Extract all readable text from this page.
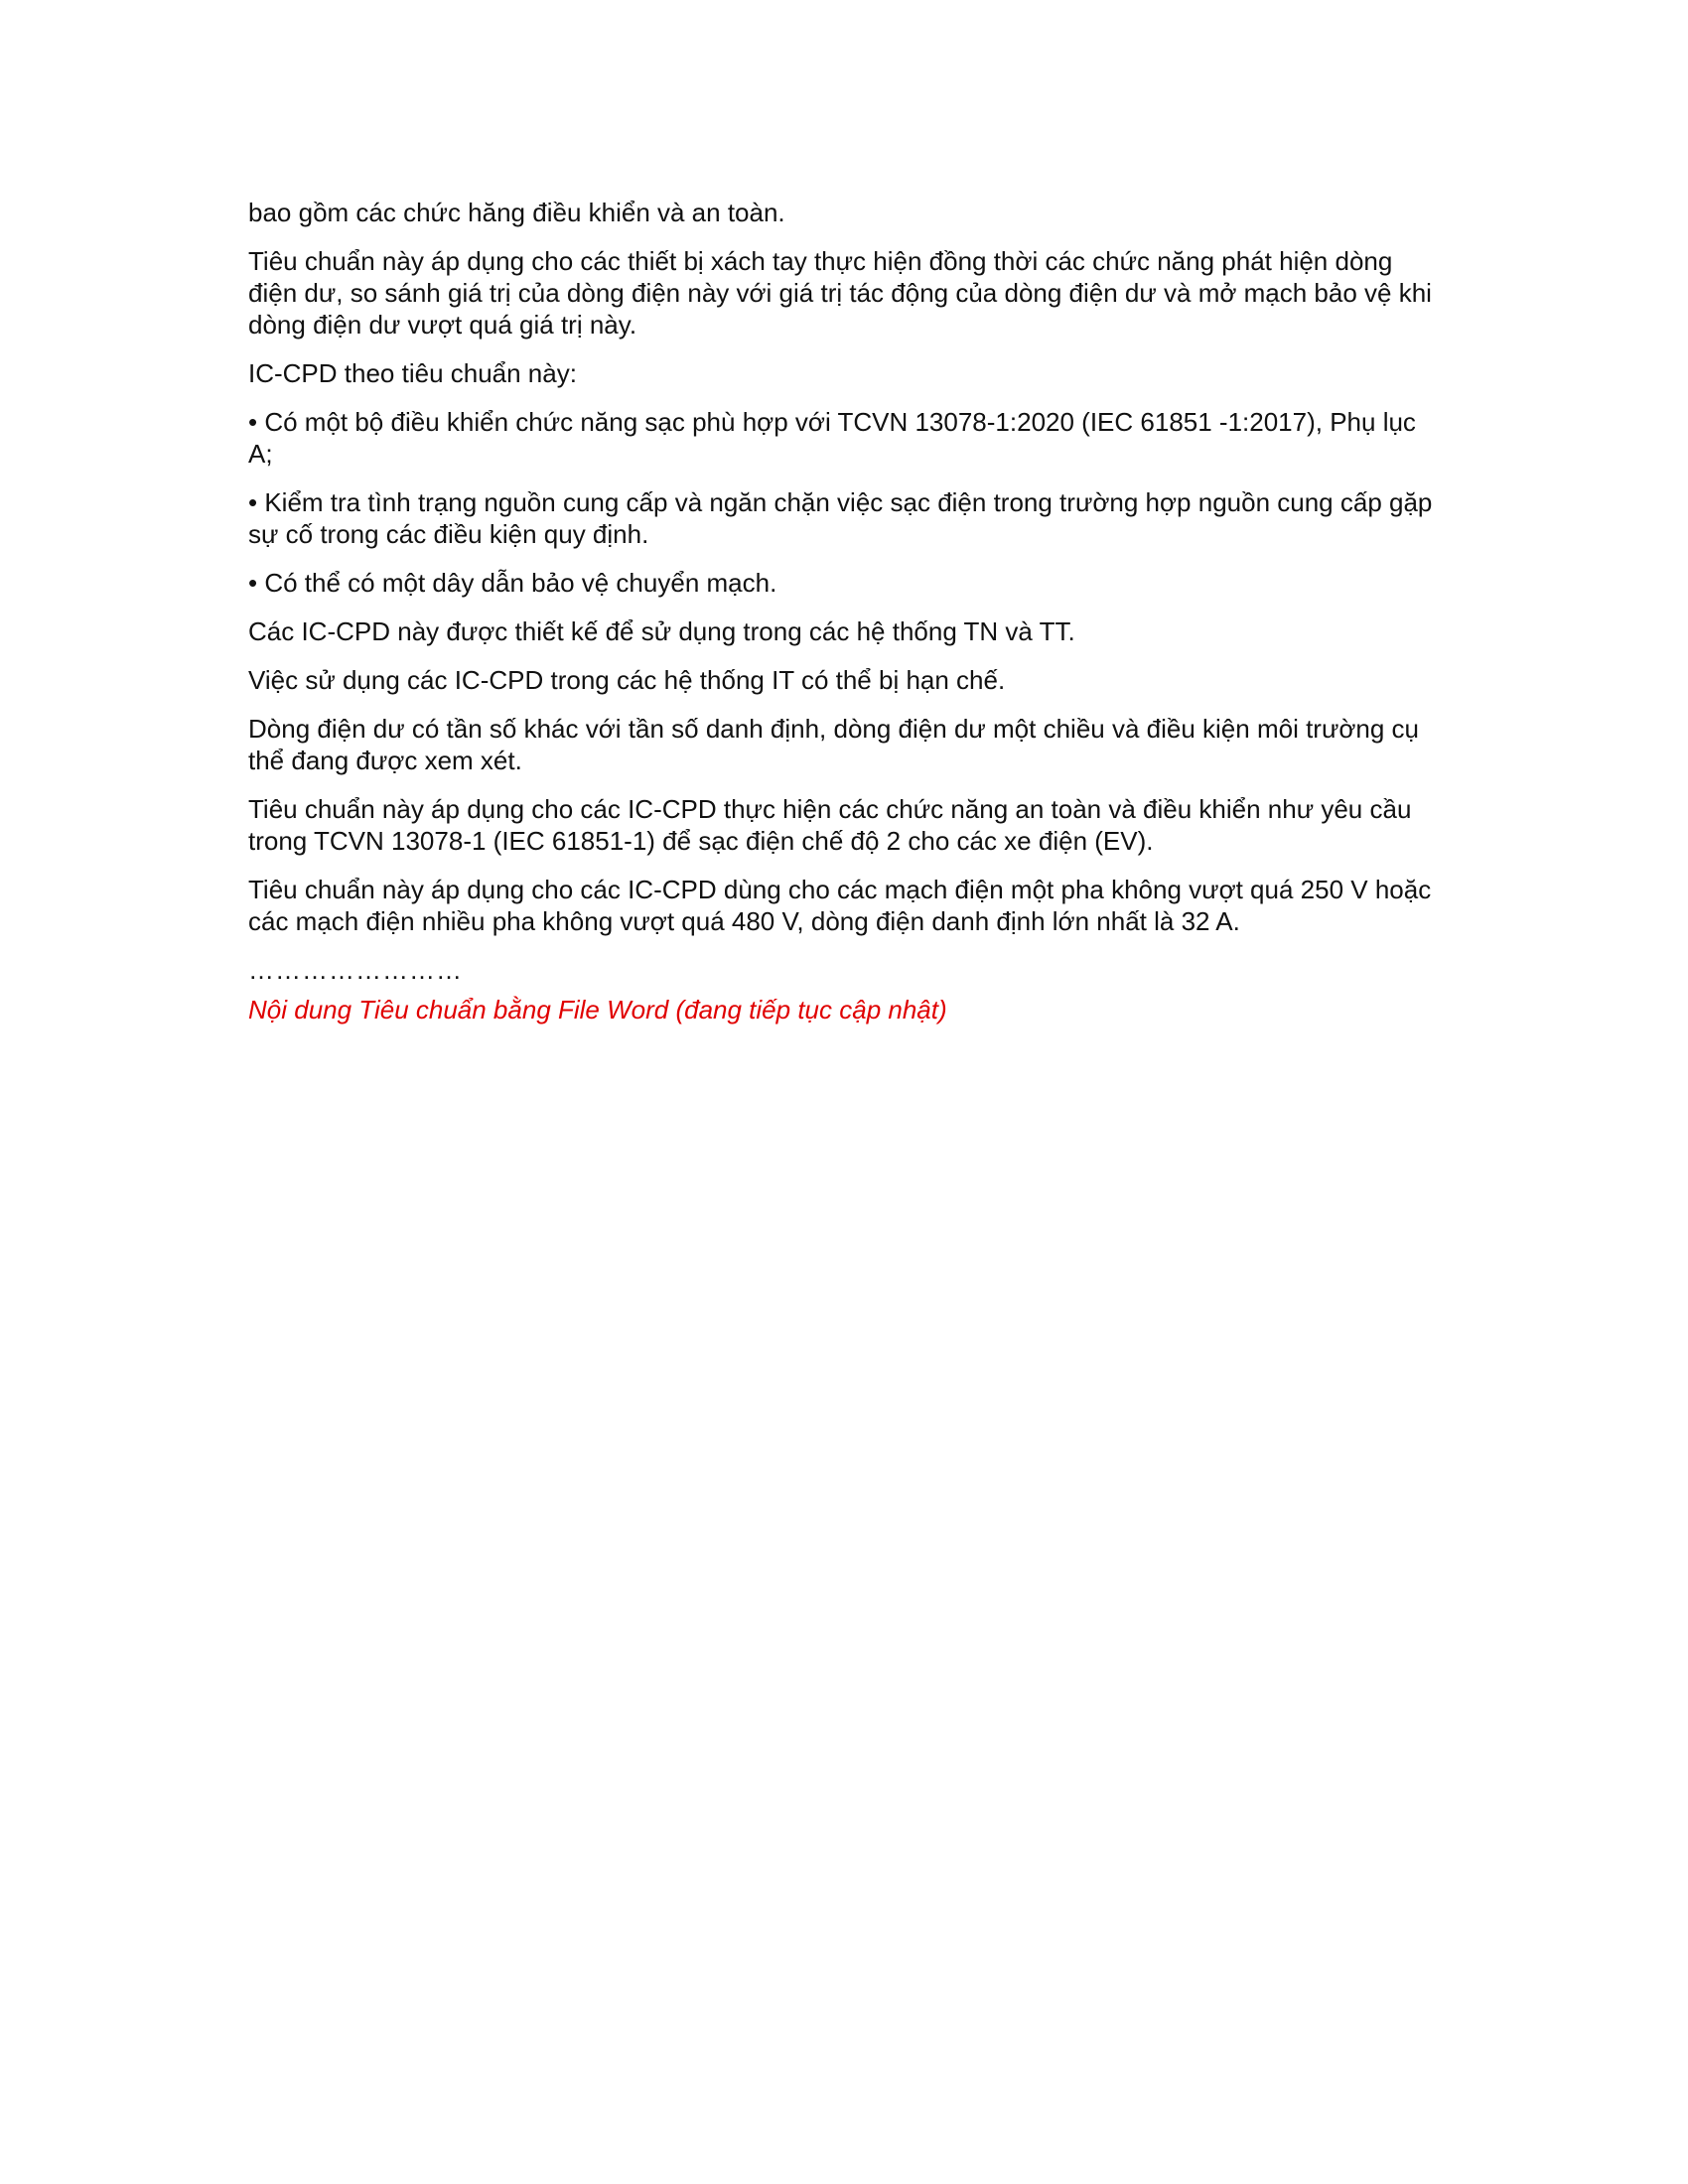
bao gồm các chức hăng điều khiển và an toàn.

Tiêu chuẩn này áp dụng cho các thiết bị xách tay thực hiện đồng thời các chức năng phát hiện dòng điện dư, so sánh giá trị của dòng điện này với giá trị tác động của dòng điện dư và mở mạch bảo vệ khi dòng điện dư vượt quá giá trị này.

IC-CPD theo tiêu chuẩn này:

• Có một bộ điều khiển chức năng sạc phù hợp với TCVN 13078-1:2020 (IEC 61851 -1:2017), Phụ lục A;

• Kiểm tra tình trạng nguồn cung cấp và ngăn chặn việc sạc điện trong trường hợp nguồn cung cấp gặp sự cố trong các điều kiện quy định.

• Có thể có một dây dẫn bảo vệ chuyển mạch.

Các IC-CPD này được thiết kế để sử dụng trong các hệ thống TN và TT.

Việc sử dụng các IC-CPD trong các hệ thống IT có thể bị hạn chế.

Dòng điện dư có tần số khác với tần số danh định, dòng điện dư một chiều và điều kiện môi trường cụ thể đang được xem xét.

Tiêu chuẩn này áp dụng cho các IC-CPD thực hiện các chức năng an toàn và điều khiển như yêu cầu trong TCVN 13078-1 (IEC 61851-1) để sạc điện chế độ 2 cho các xe điện (EV).

Tiêu chuẩn này áp dụng cho các IC-CPD dùng cho các mạch điện một pha không vượt quá 250 V hoặc các mạch điện nhiều pha không vượt quá 480 V, dòng điện danh định lớn nhất là 32 A.

……………………

Nội dung Tiêu chuẩn bằng File Word (đang tiếp tục cập nhật)
